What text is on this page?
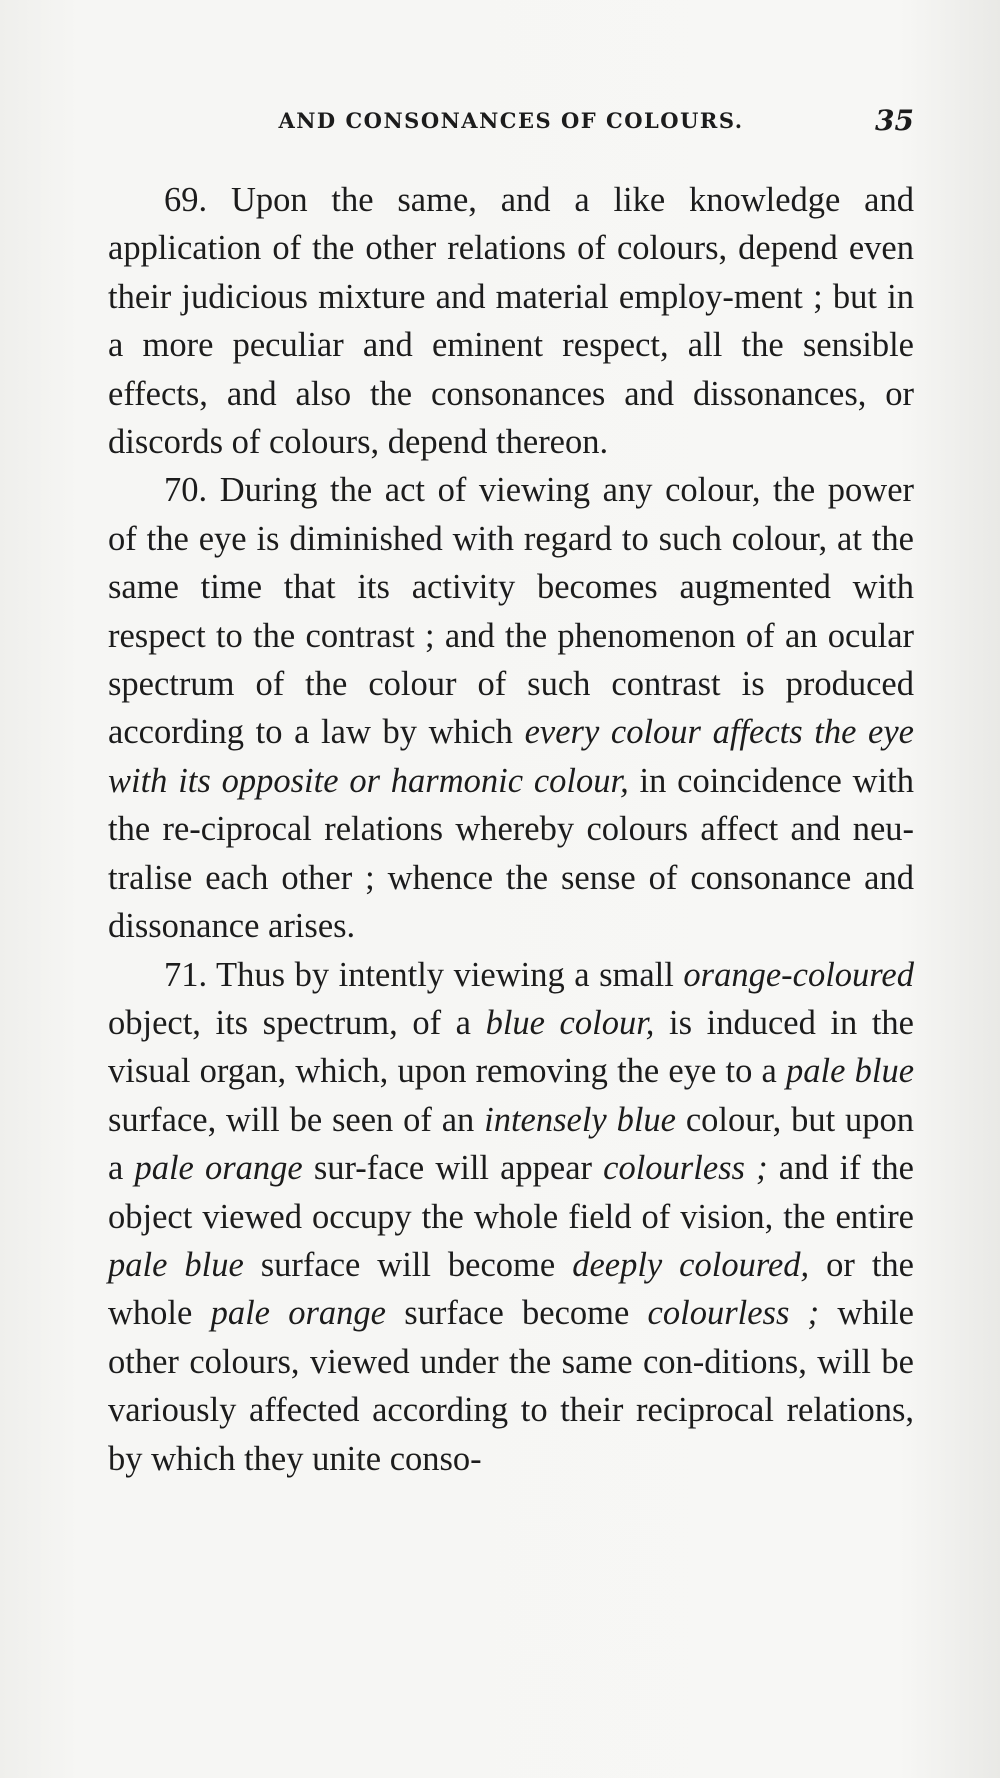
AND CONSONANCES OF COLOURS.	35

69. Upon the same, and a like knowledge and application of the other relations of colours, depend even their judicious mixture and material employ-ment ; but in a more peculiar and eminent respect, all the sensible effects, and also the consonances and dissonances, or discords of colours, depend thereon.

70. During the act of viewing any colour, the power of the eye is diminished with regard to such colour, at the same time that its activity becomes augmented with respect to the contrast ; and the phenomenon of an ocular spectrum of the colour of such contrast is produced according to a law by which every colour affects the eye with its opposite or harmonic colour, in coincidence with the re-ciprocal relations whereby colours affect and neu-tralise each other ; whence the sense of consonance and dissonance arises.

71. Thus by intently viewing a small orange-coloured object, its spectrum, of a blue colour, is induced in the visual organ, which, upon removing the eye to a pale blue surface, will be seen of an intensely blue colour, but upon a pale orange sur-face will appear colourless ; and if the object viewed occupy the whole field of vision, the entire pale blue surface will become deeply coloured, or the whole pale orange surface become colourless ; while other colours, viewed under the same con-ditions, will be variously affected according to their reciprocal relations, by which they unite conso-
